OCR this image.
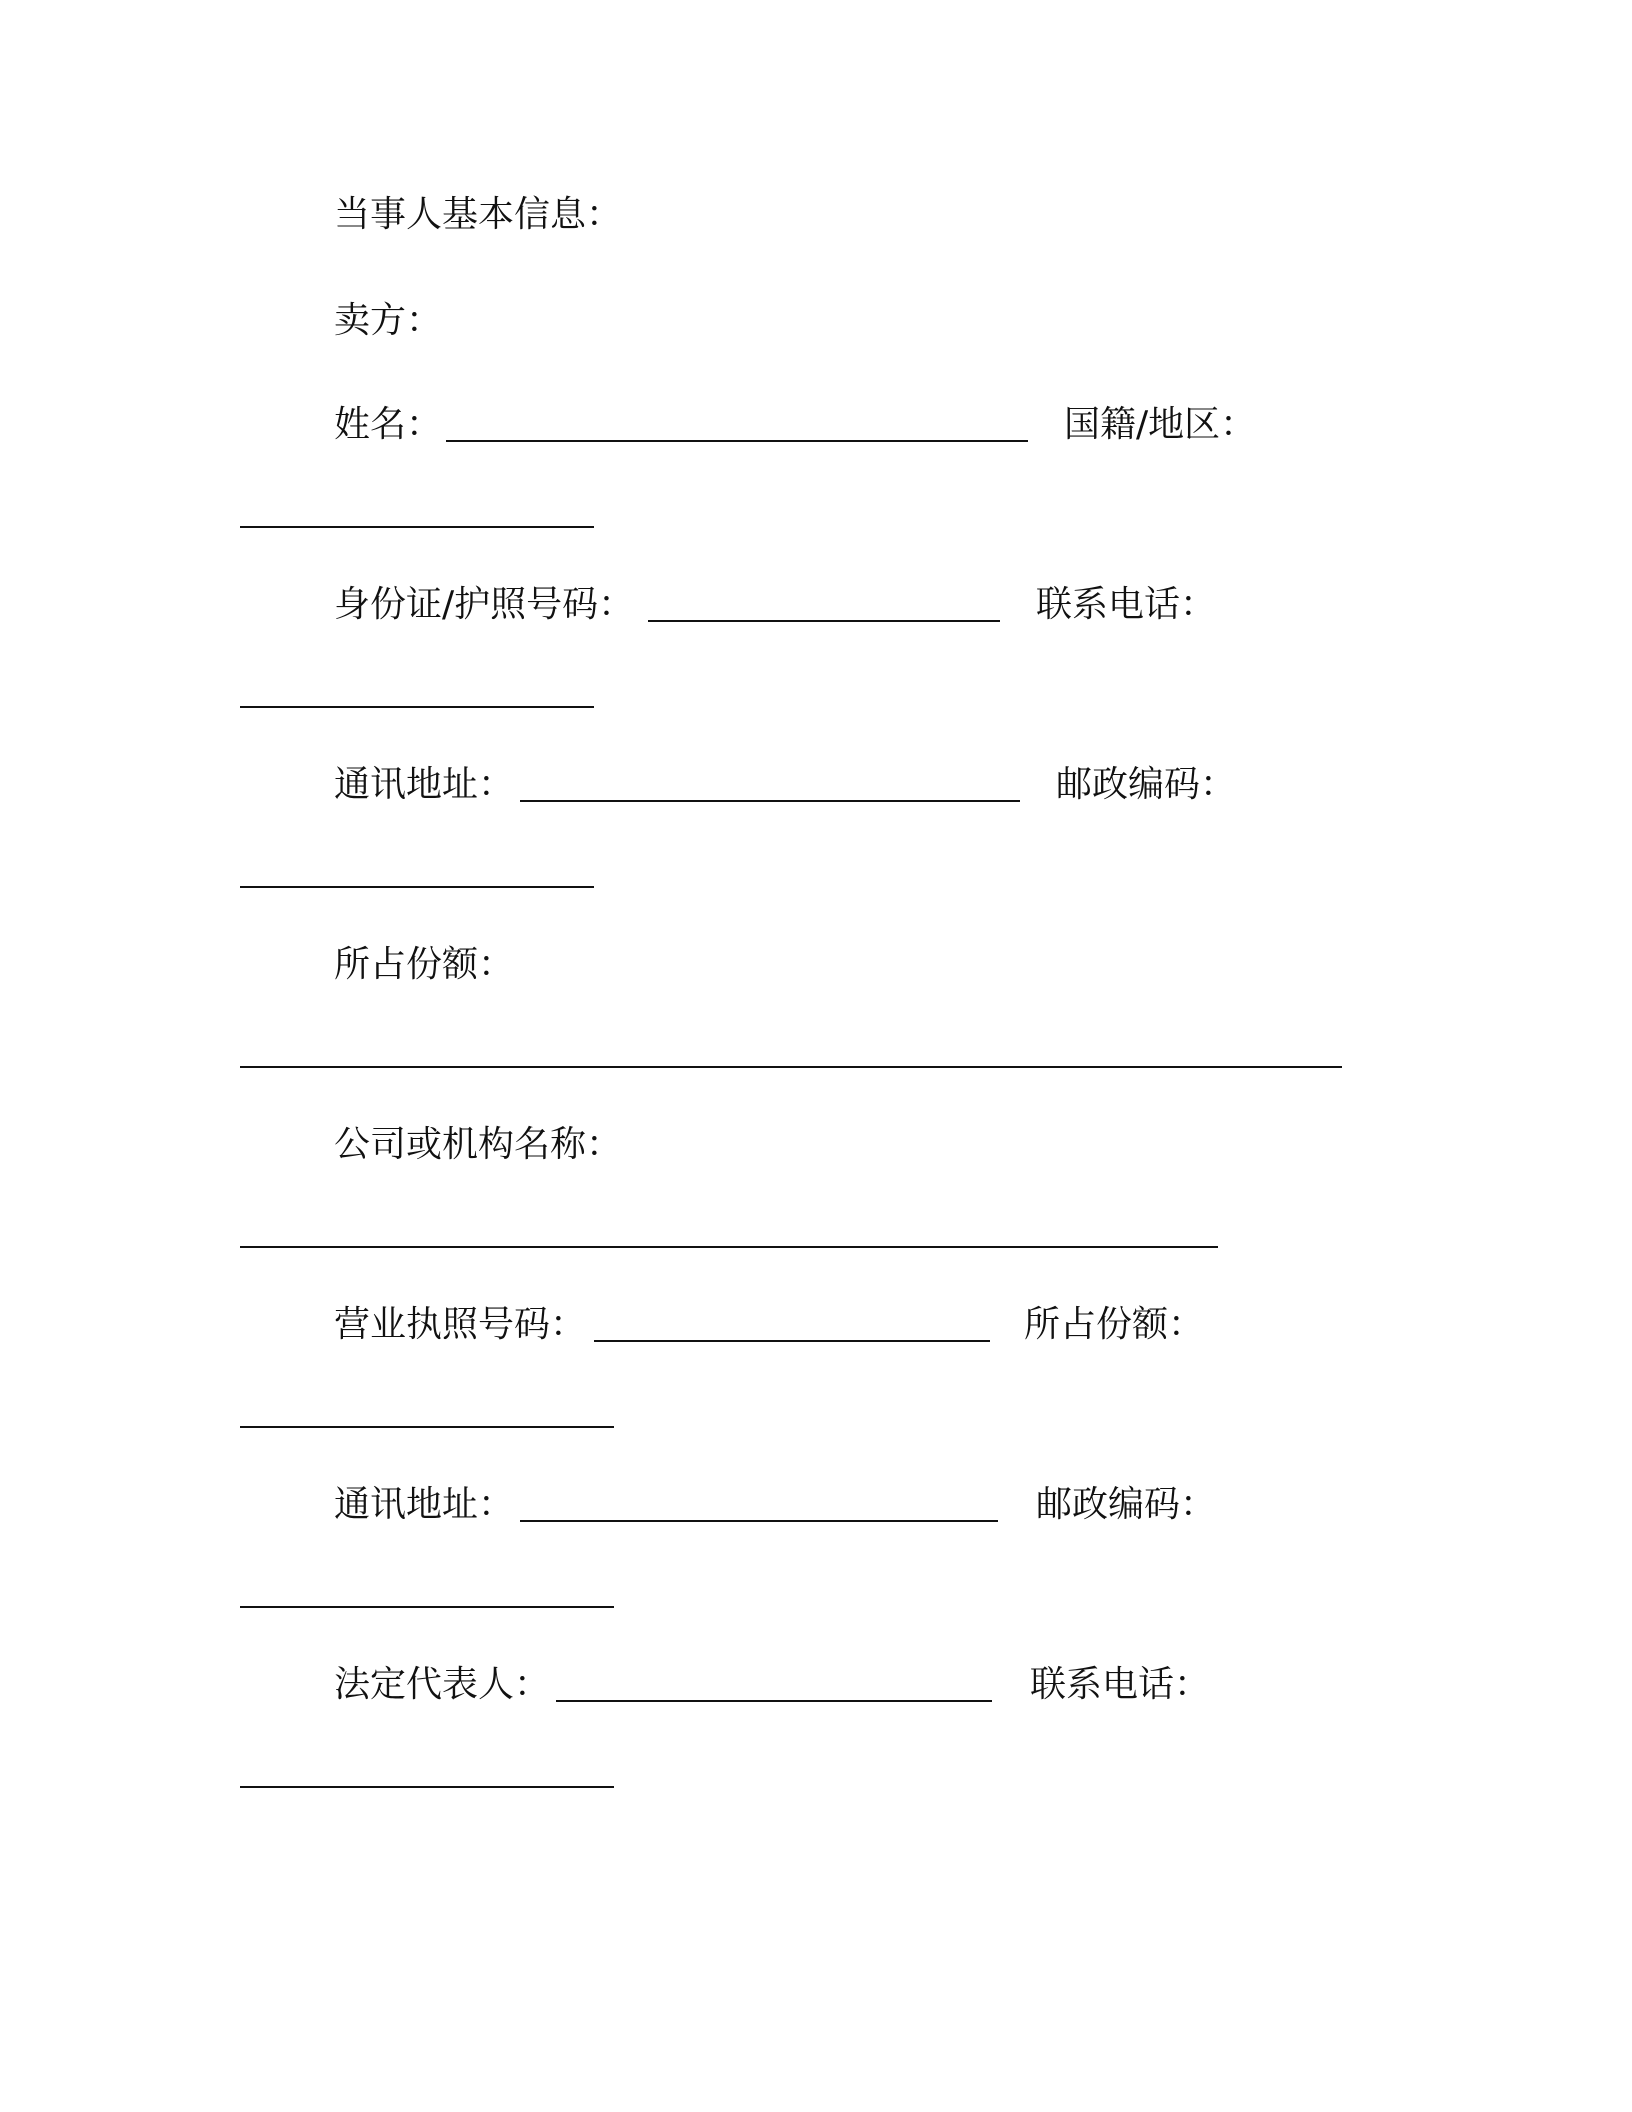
当事人基本信息：
卖方：
姓名：	国籍/地区：
身份证/护照号码：	联系电话：
通讯地址：	邮政编码：
所占份额：
公司或机构名称：
营业执照号码：	所占份额：
通讯地址：	邮政编码：
法定代表人：	联系电话：
